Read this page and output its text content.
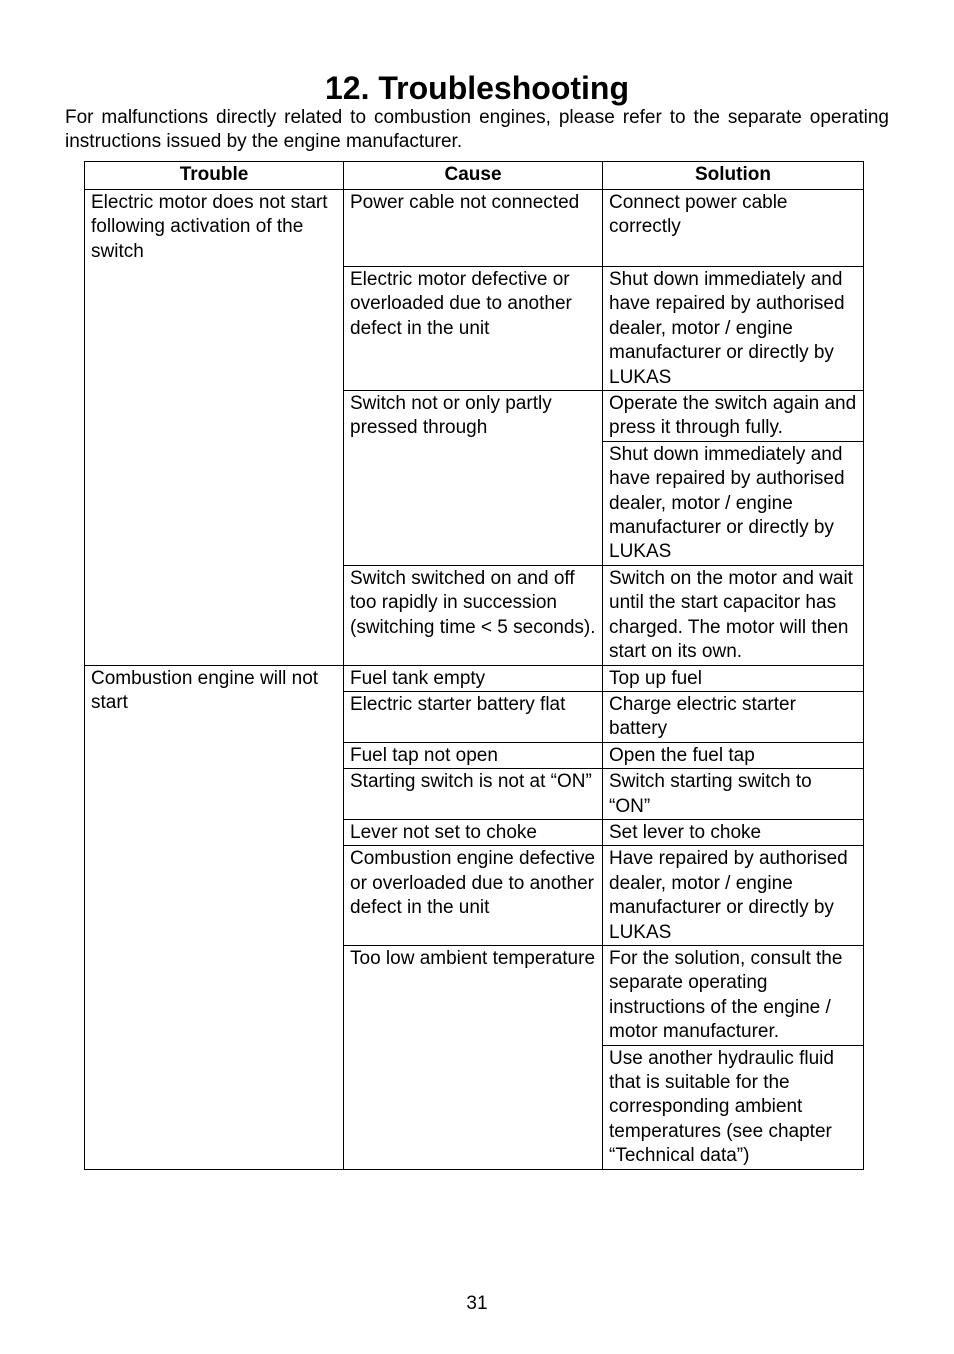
12. Troubleshooting

For malfunctions directly related to combustion engines, please refer to the separate operating instructions issued by the engine manufacturer.

Trouble	Cause	Solution
Electric motor does not start following activation of the switch	Power cable not connected	Connect power cable correctly
	Electric motor defective or overloaded due to another defect in the unit	Shut down immediately and have repaired by authorised dealer, motor / engine manufacturer or directly by LUKAS
	Switch not or only partly pressed through	Operate the switch again and press it through fully.
		Shut down immediately and have repaired by authorised dealer, motor / engine manufacturer or directly by LUKAS
	Switch switched on and off too rapidly in succession (switching time < 5 seconds).	Switch on the motor and wait until the start capacitor has charged. The motor will then start on its own.
Combustion engine will not start	Fuel tank empty	Top up fuel
	Electric starter battery flat	Charge electric starter battery
	Fuel tap not open	Open the fuel tap
	Starting switch is not at “ON”	Switch starting switch to “ON”
	Lever not set to choke	Set lever to choke
	Combustion engine defective or overloaded due to another defect in the unit	Have repaired by authorised dealer, motor / engine manufacturer or directly by LUKAS
	Too low ambient temperature	For the solution, consult the separate operating instructions of the engine / motor manufacturer.
		Use another hydraulic fluid that is suitable for the corresponding ambient temperatures (see chapter “Technical data”)
31
